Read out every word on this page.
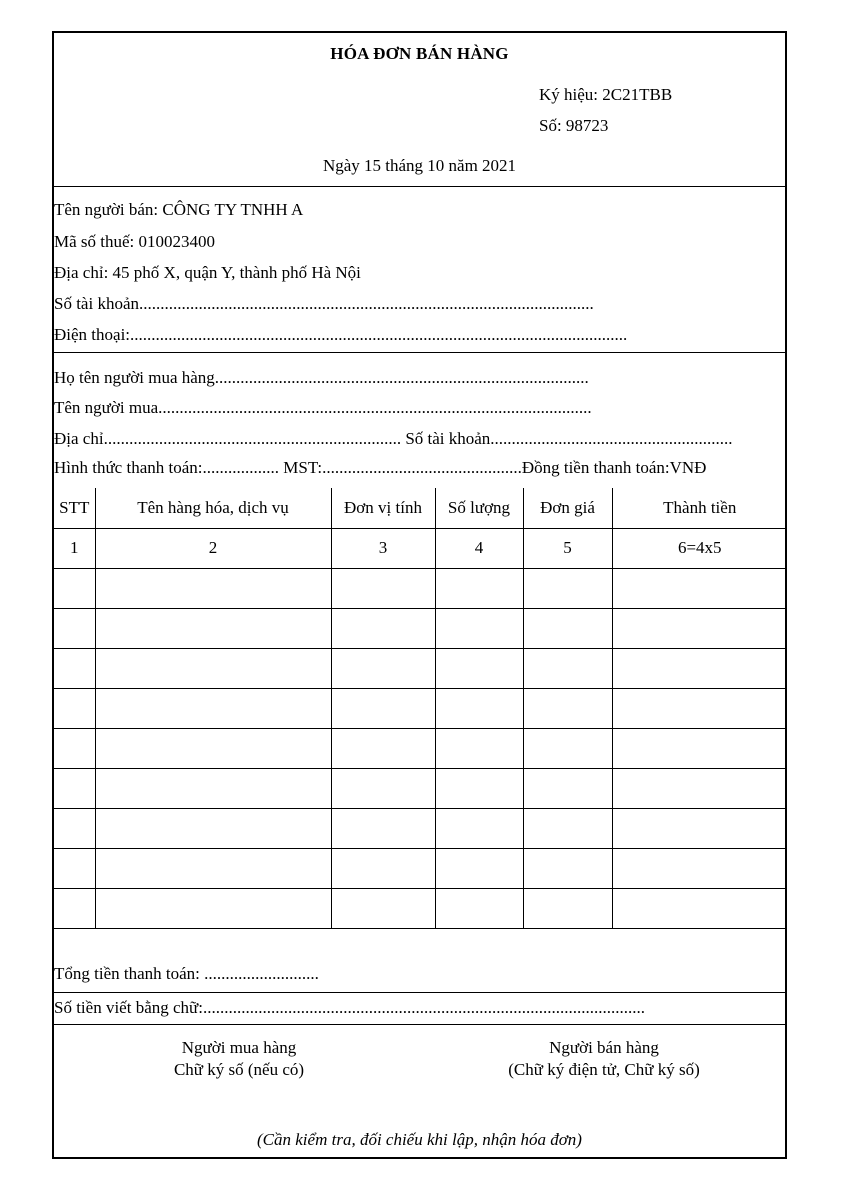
HÓA ĐƠN BÁN HÀNG
Ký hiệu: 2C21TBB
Số: 98723
Ngày 15 tháng 10 năm 2021
Tên người bán: CÔNG TY TNHH A
Mã số thuế: 010023400
Địa chỉ: 45 phố X, quận Y, thành phố Hà Nội
Số tài khoản...........................................................................................................
Điện thoại:.....................................................................................................................
Họ tên người mua hàng........................................................................................
Tên người mua......................................................................................................
Địa chỉ...................................................................... Số tài khoản.........................................................
Hình thức thanh toán:.................. MST:...............................................Đồng tiền thanh toán:VNĐ
STT	Tên hàng hóa, dịch vụ	Đơn vị tính	Số lượng	Đơn giá	Thành tiền
1	2	3	4	5	6=4x5

Tổng tiền thanh toán: ...........................
Số tiền viết bằng chữ:........................................................................................................
Người mua hàng
Chữ ký số (nếu có)
Người bán hàng
(Chữ ký điện tử, Chữ ký số)
(Cần kiểm tra, đối chiếu khi lập, nhận hóa đơn)
